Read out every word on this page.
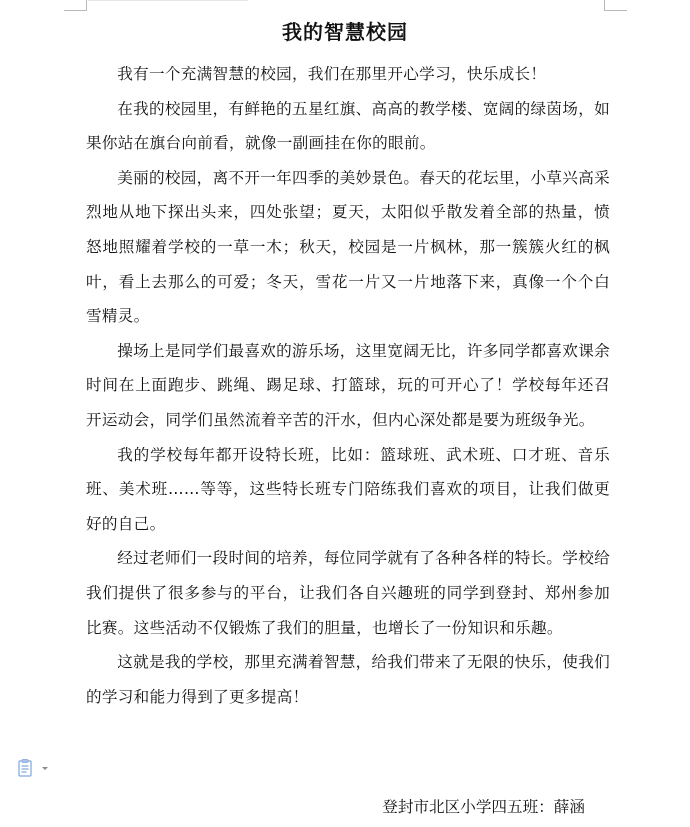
我的智慧校园

我有一个充满智慧的校园，我们在那里开心学习，快乐成长！

在我的校园里，有鲜艳的五星红旗、高高的教学楼、宽阔的绿茵场，如果你站在旗台向前看，就像一副画挂在你的眼前。

美丽的校园，离不开一年四季的美妙景色。春天的花坛里，小草兴高采烈地从地下探出头来，四处张望；夏天，太阳似乎散发着全部的热量，愤怒地照耀着学校的一草一木；秋天，校园是一片枫林，那一簇簇火红的枫叶，看上去那么的可爱；冬天，雪花一片又一片地落下来，真像一个个白雪精灵。

操场上是同学们最喜欢的游乐场，这里宽阔无比，许多同学都喜欢课余时间在上面跑步、跳绳、踢足球、打篮球，玩的可开心了！学校每年还召开运动会，同学们虽然流着辛苦的汗水，但内心深处都是要为班级争光。

我的学校每年都开设特长班，比如：篮球班、武术班、口才班、音乐班、美术班……等等，这些特长班专门陪练我们喜欢的项目，让我们做更好的自己。

经过老师们一段时间的培养，每位同学就有了各种各样的特长。学校给我们提供了很多参与的平台，让我们各自兴趣班的同学到登封、郑州参加比赛。这些活动不仅锻炼了我们的胆量，也增长了一份知识和乐趣。

这就是我的学校，那里充满着智慧，给我们带来了无限的快乐，使我们的学习和能力得到了更多提高！

登封市北区小学四五班：薛涵
